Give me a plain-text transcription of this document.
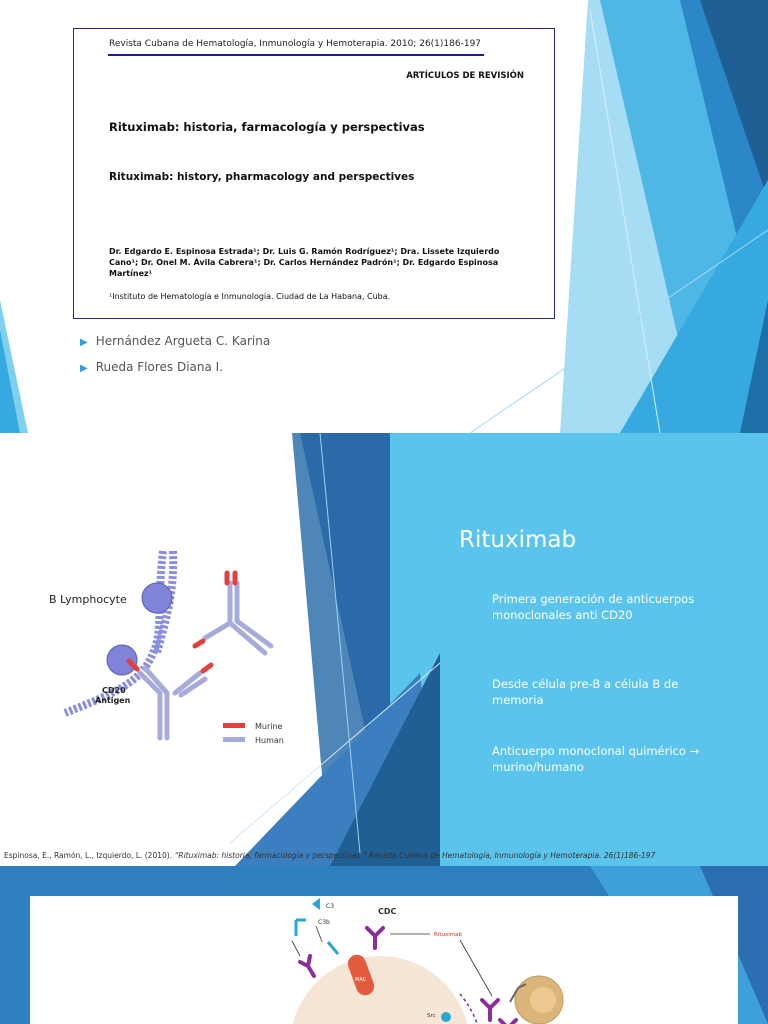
Revista Cubana de Hematología, Inmunología y Hemoterapia. 2010; 26(1)186-197
ARTÍCULOS DE REVISIÓN
Rituximab: historia, farmacología y perspectivas
Rituximab: history, pharmacology and perspectives
Dr. Edgardo E. Espinosa Estrada¹; Dr. Luis G. Ramón Rodríguez¹; Dra. Lissete Izquierdo Cano¹; Dr. Onel M. Ávila Cabrera¹; Dr. Carlos Hernández Padrón¹; Dr. Edgardo Espinosa Martínez¹
¹Instituto de Hematología e Inmunología. Ciudad de La Habana, Cuba.
▶ Hernández Argueta C. Karina
▶ Rueda Flores Diana I.
B Lymphocyte
CD20
Antigen
Murine
Human
Rituximab
Primera generación de anticuerpos monoclonales anti CD20
Desde célula pre-B a célula B de memoria
Anticuerpo monoclonal quimérico → murino/humano
Espinosa, E., Ramón, L., Izquierdo, L. (2010). “Rituximab: historia, farmacología y perspectivas.” Revista Cubana de Hematología, Inmunología y Hemoterapia. 26(1)186-197
MAC
C3
C3b
CDC
Rituximab
Src
